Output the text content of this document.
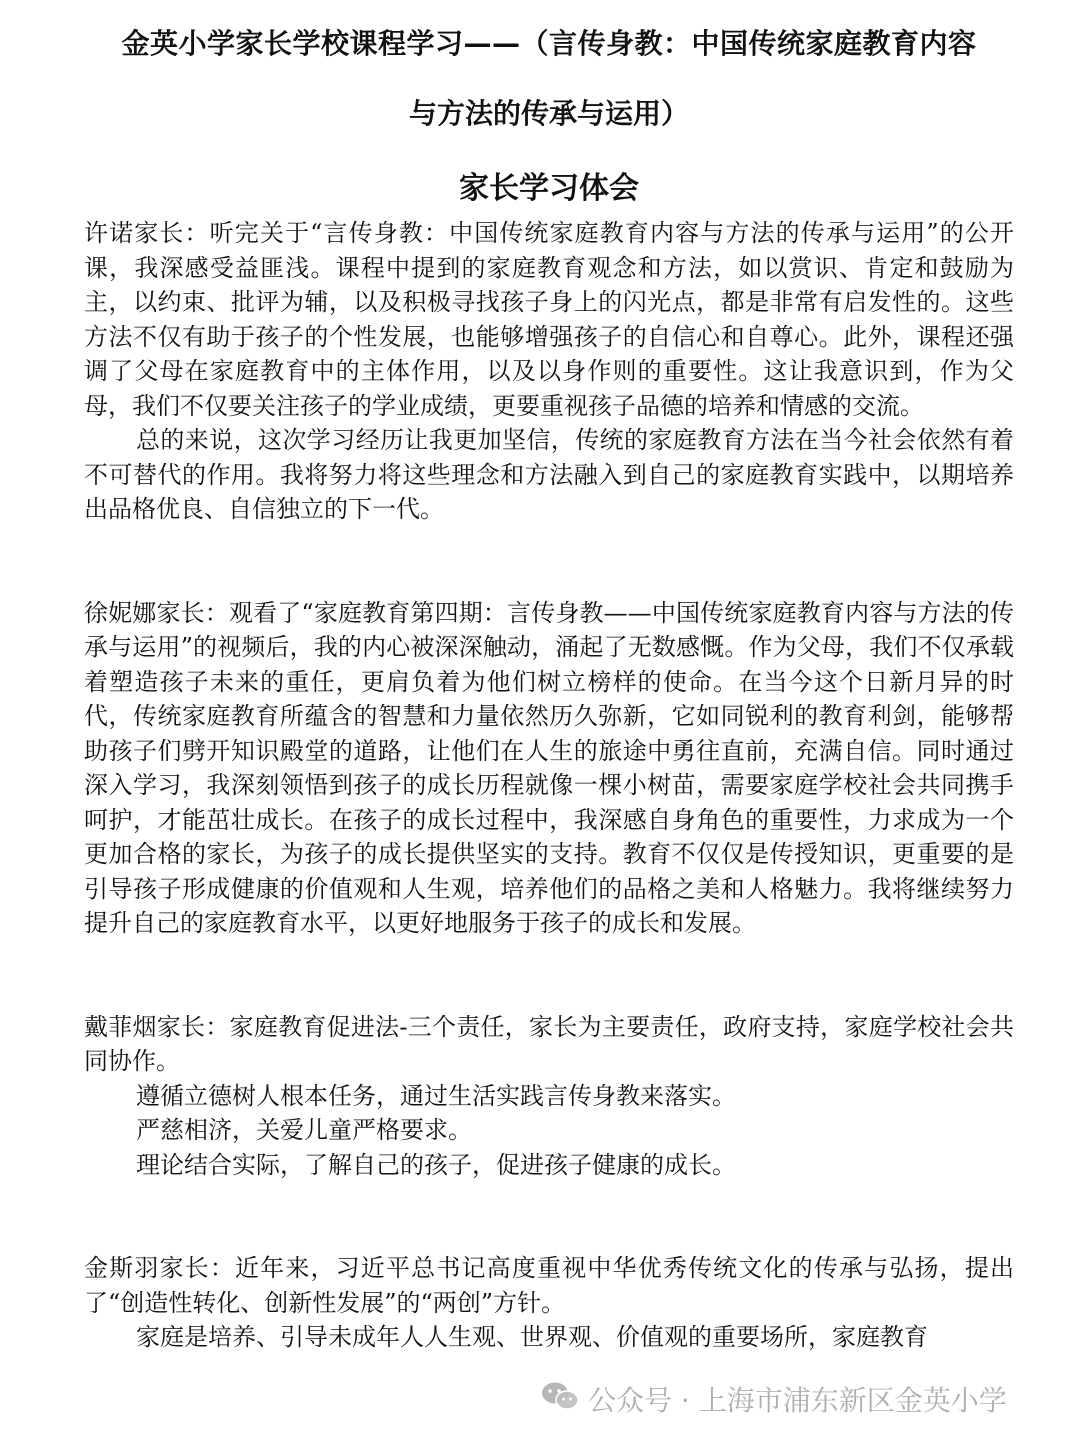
金英小学家长学校课程学习——（言传身教：中国传统家庭教育内容
与方法的传承与运用）
家长学习体会

许诺家长：听完关于“言传身教：中国传统家庭教育内容与方法的传承与运用”的公开课，我深感受益匪浅。课程中提到的家庭教育观念和方法，如以赏识、肯定和鼓励为主，以约束、批评为辅，以及积极寻找孩子身上的闪光点，都是非常有启发性的。这些方法不仅有助于孩子的个性发展，也能够增强孩子的自信心和自尊心。此外，课程还强调了父母在家庭教育中的主体作用，以及以身作则的重要性。这让我意识到，作为父母，我们不仅要关注孩子的学业成绩，更要重视孩子品德的培养和情感的交流。

总的来说，这次学习经历让我更加坚信，传统的家庭教育方法在当今社会依然有着不可替代的作用。我将努力将这些理念和方法融入到自己的家庭教育实践中，以期培养出品格优良、自信独立的下一代。

徐妮娜家长：观看了“家庭教育第四期：言传身教——中国传统家庭教育内容与方法的传承与运用”的视频后，我的内心被深深触动，涌起了无数感慨。作为父母，我们不仅承载着塑造孩子未来的重任，更肩负着为他们树立榜样的使命。在当今这个日新月异的时代，传统家庭教育所蕴含的智慧和力量依然历久弥新，它如同锐利的教育利剑，能够帮助孩子们劈开知识殿堂的道路，让他们在人生的旅途中勇往直前，充满自信。同时通过深入学习，我深刻领悟到孩子的成长历程就像一棵小树苗，需要家庭学校社会共同携手呵护，才能茁壮成长。在孩子的成长过程中，我深感自身角色的重要性，力求成为一个更加合格的家长，为孩子的成长提供坚实的支持。教育不仅仅是传授知识，更重要的是引导孩子形成健康的价值观和人生观，培养他们的品格之美和人格魅力。我将继续努力提升自己的家庭教育水平，以更好地服务于孩子的成长和发展。

戴菲烟家长：家庭教育促进法-三个责任，家长为主要责任，政府支持，家庭学校社会共同协作。

遵循立德树人根本任务，通过生活实践言传身教来落实。

严慈相济，关爱儿童严格要求。

理论结合实际，了解自己的孩子，促进孩子健康的成长。

金斯羽家长：近年来，习近平总书记高度重视中华优秀传统文化的传承与弘扬，提出了“创造性转化、创新性发展”的“两创”方针。

家庭是培养、引导未成年人人生观、世界观、价值观的重要场所，家庭教育

公众号 · 上海市浦东新区金英小学
